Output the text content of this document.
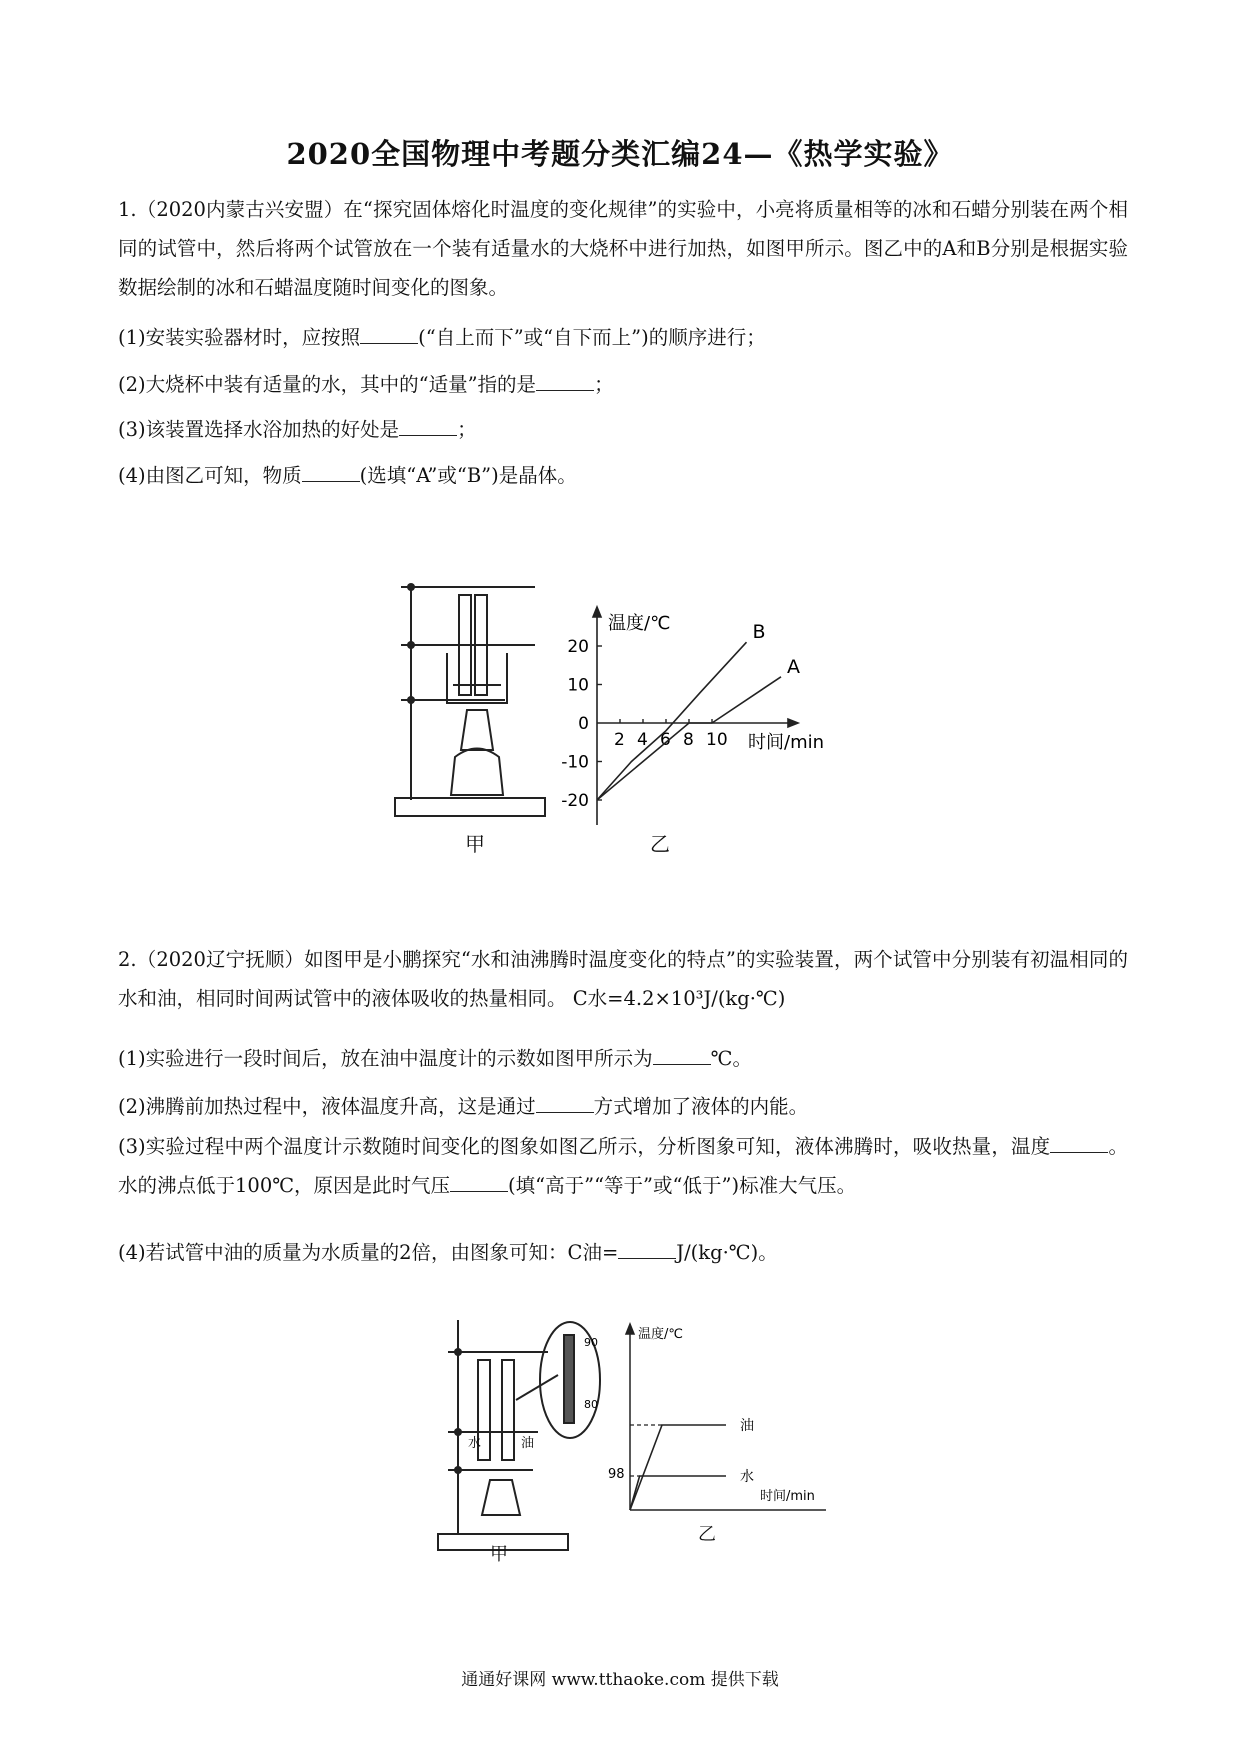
2020全国物理中考题分类汇编24—《热学实验》
1.（2020内蒙古兴安盟）在“探究固体熔化时温度的变化规律”的实验中，小亮将质量相等的冰和石蜡分别装在两个相同的试管中，然后将两个试管放在一个装有适量水的大烧杯中进行加热，如图甲所示。图乙中的A和B分别是根据实验数据绘制的冰和石蜡温度随时间变化的图象。
(1)安装实验器材时，应按照	(“自上而下”或“自下而上”)的顺序进行；
(2)大烧杯中装有适量的水，其中的“适量”指的是	；
(3)该装置选择水浴加热的好处是	；
(4)由图乙可知，物质	(选填“A”或“B”)是晶体。
甲
2 4 6 8 10
20
10
0
-10
-20
A
B
温度/℃
时间/min
乙
2.（2020辽宁抚顺）如图甲是小鹏探究“水和油沸腾时温度变化的特点”的实验装置，两个试管中分别装有初温相同的水和油，相同时间两试管中的液体吸收的热量相同。 C水=4.2×10³J/(kg·℃)
(1)实验进行一段时间后，放在油中温度计的示数如图甲所示为	℃。
(2)沸腾前加热过程中，液体温度升高，这是通过	方式增加了液体的内能。
(3)实验过程中两个温度计示数随时间变化的图象如图乙所示，分析图象可知，液体沸腾时，吸收热量，温度	。水的沸点低于100℃，原因是此时气压	(填“高于”“等于”或“低于”)标准大气压。
(4)若试管中油的质量为水质量的2倍，由图象可知：C油=	J/(kg·℃)。
90
80
水	油
甲
油
水
温度/℃
时间/min
98
乙
通通好课网 www.tthaoke.com 提供下载
